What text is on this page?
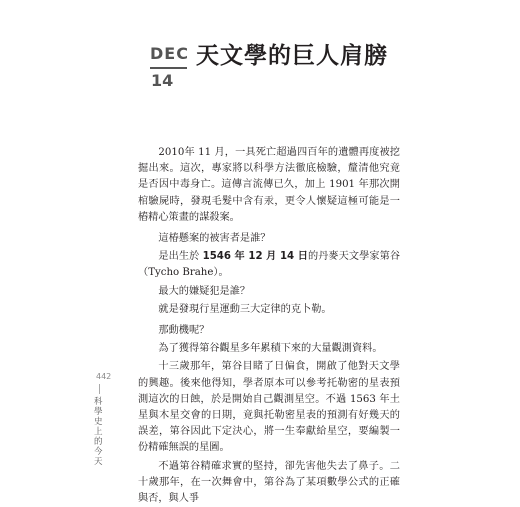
DEC
14
天文學的巨人肩膀

2010年 11 月，一具死亡超過四百年的遺體再度被挖掘出來。這次，專家將以科學方法徹底檢驗，釐清他究竟是否因中毒身亡。這傳言流傳已久，加上 1901 年那次開棺驗屍時，發現毛髮中含有汞，更令人懷疑這極可能是一樁精心策畫的謀殺案。

這椿懸案的被害者是誰？

是出生於 1546 年 12 月 14 日的丹麥天文學家第谷（Tycho Brahe）。

最大的嫌疑犯是誰？

就是發現行星運動三大定律的克卜勒。

那動機呢？

為了獲得第谷觀星多年累積下來的大量觀測資料。

十三歲那年，第谷目睹了日偏食，開啟了他對天文學的興趣。後來他得知，學者原本可以參考托勒密的星表預測這次的日蝕，於是開始自己觀測星空。不過 1563 年土星與木星交會的日期，竟與托勒密星表的預測有好幾天的誤差，第谷因此下定決心，將一生奉獻給星空，要編製一份精確無誤的星圖。

不過第谷精確求實的堅持，卻先害他失去了鼻子。二十歲那年，在一次舞會中，第谷為了某項數學公式的正確與否，與人爭

442
科學史上的今天
